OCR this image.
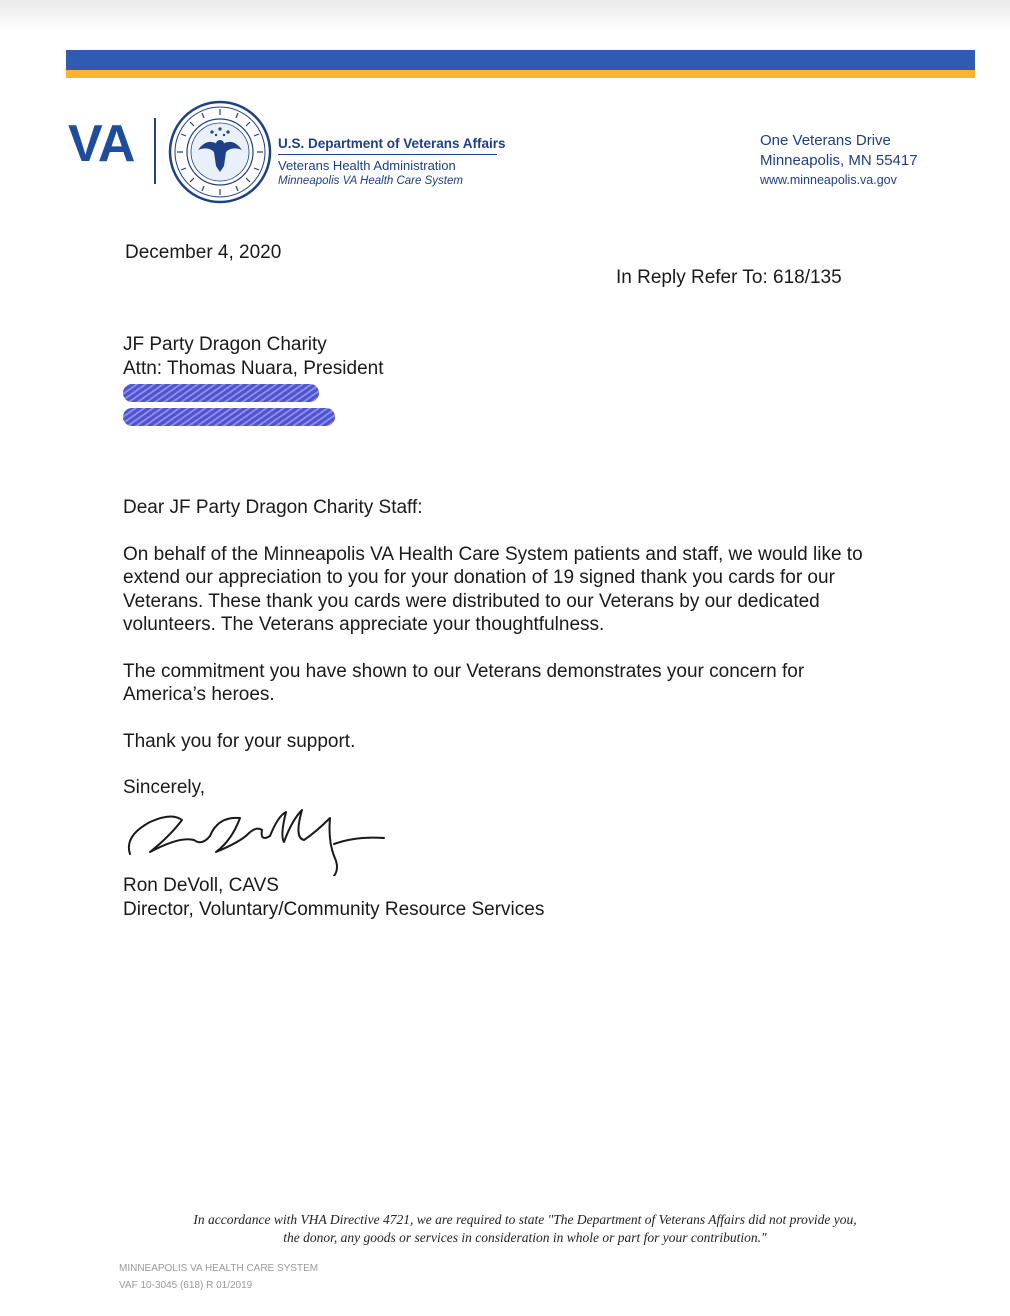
VA	U.S. Department of Veterans Affairs
Veterans Health Administration
Minneapolis VA Health Care System
One Veterans Drive
Minneapolis, MN 55417
www.minneapolis.va.gov
December 4, 2020
In Reply Refer To: 618/135
JF Party Dragon Charity
Attn: Thomas Nuara, President

Dear JF Party Dragon Charity Staff:

On behalf of the Minneapolis VA Health Care System patients and staff, we would like to extend our appreciation to you for your donation of 19 signed thank you cards for our Veterans. These thank you cards were distributed to our Veterans by our dedicated volunteers. The Veterans appreciate your thoughtfulness.

The commitment you have shown to our Veterans demonstrates your concern for America’s heroes.

Thank you for your support.

Sincerely,

Ron DeVoll, CAVS
Director, Voluntary/Community Resource Services
In accordance with VHA Directive 4721, we are required to state "The Department of Veterans Affairs did not provide you,
the donor, any goods or services in consideration in whole or part for your contribution."
MINNEAPOLIS VA HEALTH CARE SYSTEM
VAF 10-3045 (618) R 01/2019
